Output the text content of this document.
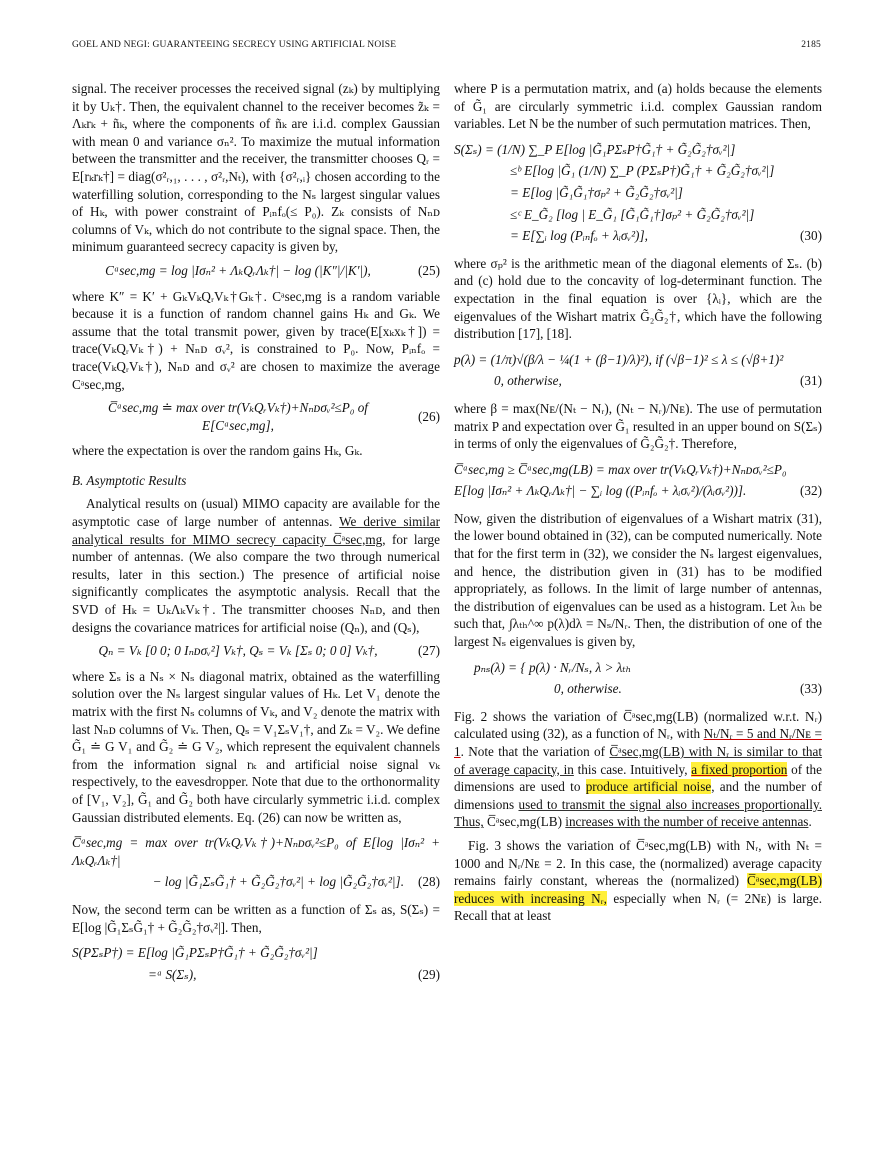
GOEL AND NEGI: GUARANTEEING SECRECY USING ARTIFICIAL NOISE	2185

signal. The receiver processes the received signal (zₖ) by multiplying it by Uₖ†. Then, the equivalent channel to the receiver becomes z̃ₖ = Λₖrₖ + ñₖ, where the components of ñₖ are i.i.d. complex Gaussian with mean 0 and variance σₙ². To maximize the mutual information between the transmitter and the receiver, the transmitter chooses Qᵣ = E[rₖrₖ†] = diag(σ²ᵣ,₁, . . . , σ²ᵣ,Nₜ), with {σ²ᵣ,ᵢ} chosen according to the waterfilling solution, corresponding to the Nₛ largest singular values of Hₖ, with power constraint of Pᵢₙfₒ(≤ P₀). Zₖ consists of Nₙᴅ columns of Vₖ, which do not contribute to the signal space. Then, the minimum guaranteed secrecy capacity is given by,

Cᵃsec,mg = log |Iσₙ² + ΛₖQᵣΛₖ†| − log (|K″|/|K′|),	(25)

where K″ = K′ + GₖVₖQᵣVₖ†Gₖ†. Cᵃsec,mg is a random variable because it is a function of random channel gains Hₖ and Gₖ. We assume that the total transmit power, given by trace(E[xₖxₖ†]) = trace(VₖQᵣVₖ†) + Nₙᴅ σᵥ², is constrained to P₀. Now, Pᵢₙfₒ = trace(VₖQᵣVₖ†), Nₙᴅ and σᵥ² are chosen to maximize the average Cᵃsec,mg,

C̅ᵃsec,mg ≐ max over tr(VₖQᵣVₖ†)+Nₙᴅσᵥ²≤P₀ of E[Cᵃsec,mg],
(26)

where the expectation is over the random gains Hₖ, Gₖ.

B. Asymptotic Results

Analytical results on (usual) MIMO capacity are available for the asymptotic case of large number of antennas. We derive similar analytical results for MIMO secrecy capacity C̅ᵃsec,mg, for large number of antennas. (We also compare the two through numerical results, later in this section.) The presence of artificial noise significantly complicates the asymptotic analysis. Recall that the SVD of Hₖ = UₖΛₖVₖ†. The transmitter chooses Nₙᴅ, and then designs the covariance matrices for artificial noise (Qₙ), and (Qₛ),

Qₙ = Vₖ [0 0; 0 Iₙᴅσᵥ²] Vₖ†, Qₛ = Vₖ [Σₛ 0; 0 0] Vₖ†,	(27)

where Σₛ is a Nₛ × Nₛ diagonal matrix, obtained as the waterfilling solution over the Nₛ largest singular values of Hₖ. Let V₁ denote the matrix with the first Nₛ columns of Vₖ, and V₂ denote the matrix with last Nₙᴅ columns of Vₖ. Then, Qₛ = V₁ΣₛV₁†, and Zₖ = V₂. We define G̃₁ ≐ G V₁ and G̃₂ ≐ G V₂, which represent the equivalent channels from the information signal rₖ and artificial noise signal vₖ respectively, to the eavesdropper. Note that due to the orthonormality of [V₁, V₂], G̃₁ and G̃₂ both have circularly symmetric i.i.d. complex Gaussian distributed elements. Eq. (26) can now be written as,

C̅ᵃsec,mg = max over tr(VₖQᵣVₖ†)+Nₙᴅσᵥ²≤P₀ of E[log |Iσₙ² + ΛₖQᵣΛₖ†|
− log |G̃₁ΣₛG̃₁† + G̃₂G̃₂†σᵥ²| + log |G̃₂G̃₂†σᵥ²|].	(28)

Now, the second term can be written as a function of Σₛ as, S(Σₛ) = E[log |G̃₁ΣₛG̃₁† + G̃₂G̃₂†σᵥ²|]. Then,

S(PΣₛP†) = E[log |G̃₁PΣₛP†G̃₁† + G̃₂G̃₂†σᵥ²|]
=ᵃ S(Σₛ),	(29)

where P is a permutation matrix, and (a) holds because the elements of G̃₁ are circularly symmetric i.i.d. complex Gaussian random variables. Let N be the number of such permutation matrices. Then,

S(Σₛ) = (1/N) ∑_P E[log |G̃₁PΣₛP†G̃₁† + G̃₂G̃₂†σᵥ²|]
≤ᵇ E[log |G̃₁ (1/N) ∑_P (PΣₛP†)G̃₁† + G̃₂G̃₂†σᵥ²|]
= E[log |G̃₁G̃₁†σₚ² + G̃₂G̃₂†σᵥ²|]
≤ᶜ E_G̃₂ [log | E_G̃₁ [G̃₁G̃₁†]σₚ² + G̃₂G̃₂†σᵥ²|]
= E[∑ᵢ log (Pᵢₙfₒ + λᵢσᵥ²)],	(30)

where σₚ² is the arithmetic mean of the diagonal elements of Σₛ. (b) and (c) hold due to the concavity of log-determinant function. The expectation in the final equation is over {λᵢ}, which are the eigenvalues of the Wishart matrix G̃₂G̃₂†, which have the following distribution [17], [18].

p(λ) = (1/π)√(β/λ − ¼(1 + (β−1)/λ)²), if (√β−1)² ≤ λ ≤ (√β+1)²
0, otherwise,	(31)

where β = max(Nᴇ/(Nₜ − Nᵣ), (Nₜ − Nᵣ)/Nᴇ). The use of permutation matrix P and expectation over G̃₁ resulted in an upper bound on S(Σₛ) in terms of only the eigenvalues of G̃₂G̃₂†. Therefore,

C̅ᵃsec,mg ≥ C̅ᵃsec,mg(LB) = max over tr(VₖQᵣVₖ†)+Nₙᴅσᵥ²≤P₀
E[log |Iσₙ² + ΛₖQᵣΛₖ†| − ∑ᵢ log ((Pᵢₙfₒ + λᵢσᵥ²)/(λᵢσᵥ²))].	(32)

Now, given the distribution of eigenvalues of a Wishart matrix (31), the lower bound obtained in (32), can be computed numerically. Note that for the first term in (32), we consider the Nₛ largest eigenvalues, and hence, the distribution given in (31) has to be modified appropriately, as follows. In the limit of large number of antennas, the distribution of eigenvalues can be used as a histogram. Let λₜₕ be such that, ∫λₜₕ^∞ p(λ)dλ = Nₛ/Nᵣ. Then, the distribution of one of the largest Nₛ eigenvalues is given by,

pₙₛ(λ) = { p(λ) · Nᵣ/Nₛ, λ > λₜₕ
0, otherwise.	(33)

Fig. 2 shows the variation of C̅ᵃsec,mg(LB) (normalized w.r.t. Nᵣ) calculated using (32), as a function of Nᵣ, with Nₜ/Nᵣ = 5 and Nᵣ/Nᴇ = 1. Note that the variation of C̅ᵃsec,mg(LB) with Nᵣ is similar to that of average capacity, in this case. Intuitively, a fixed proportion of the dimensions are used to produce artificial noise, and the number of dimensions used to transmit the signal also increases proportionally. Thus, C̅ᵃsec,mg(LB) increases with the number of receive antennas.

Fig. 3 shows the variation of C̅ᵃsec,mg(LB) with Nᵣ, with Nₜ = 1000 and Nᵣ/Nᴇ = 2. In this case, the (normalized) average capacity remains fairly constant, whereas the (normalized) C̅ᵃsec,mg(LB) reduces with increasing Nᵣ, especially when Nᵣ (= 2Nᴇ) is large. Recall that at least
